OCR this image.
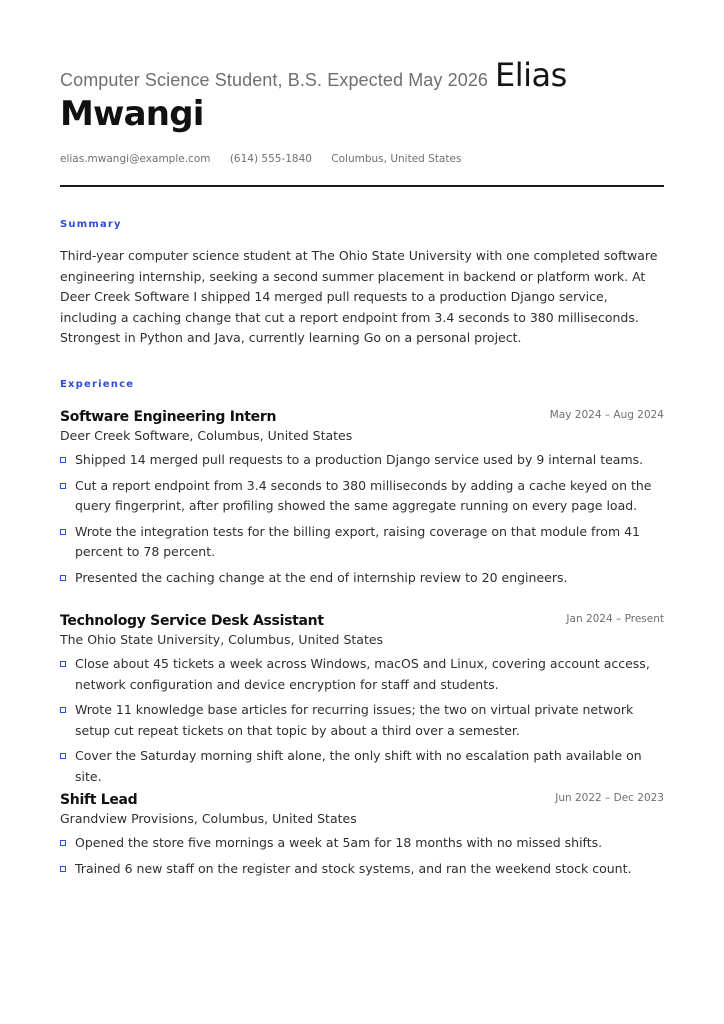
Computer Science Student, B.S. Expected May 2026 Elias
Mwangi
elias.mwangi@example.com (614) 555-1840 Columbus, United States
Summary

Third-year computer science student at The Ohio State University with one completed software engineering internship, seeking a second summer placement in backend or platform work. At Deer Creek Software I shipped 14 merged pull requests to a production Django service, including a caching change that cut a report endpoint from 3.4 seconds to 380 milliseconds. Strongest in Python and Java, currently learning Go on a personal project.

Experience
Software Engineering Intern	May 2024 – Aug 2024
Deer Creek Software, Columbus, United States
Shipped 14 merged pull requests to a production Django service used by 9 internal teams.
Cut a report endpoint from 3.4 seconds to 380 milliseconds by adding a cache keyed on the query fingerprint, after profiling showed the same aggregate running on every page load.
Wrote the integration tests for the billing export, raising coverage on that module from 41 percent to 78 percent.
Presented the caching change at the end of internship review to 20 engineers.
Technology Service Desk Assistant	Jan 2024 – Present
The Ohio State University, Columbus, United States
Close about 45 tickets a week across Windows, macOS and Linux, covering account access, network configuration and device encryption for staff and students.
Wrote 11 knowledge base articles for recurring issues; the two on virtual private network setup cut repeat tickets on that topic by about a third over a semester.
Cover the Saturday morning shift alone, the only shift with no escalation path available on site.
Shift Lead	Jun 2022 – Dec 2023
Grandview Provisions, Columbus, United States
Opened the store five mornings a week at 5am for 18 months with no missed shifts.
Trained 6 new staff on the register and stock systems, and ran the weekend stock count.
